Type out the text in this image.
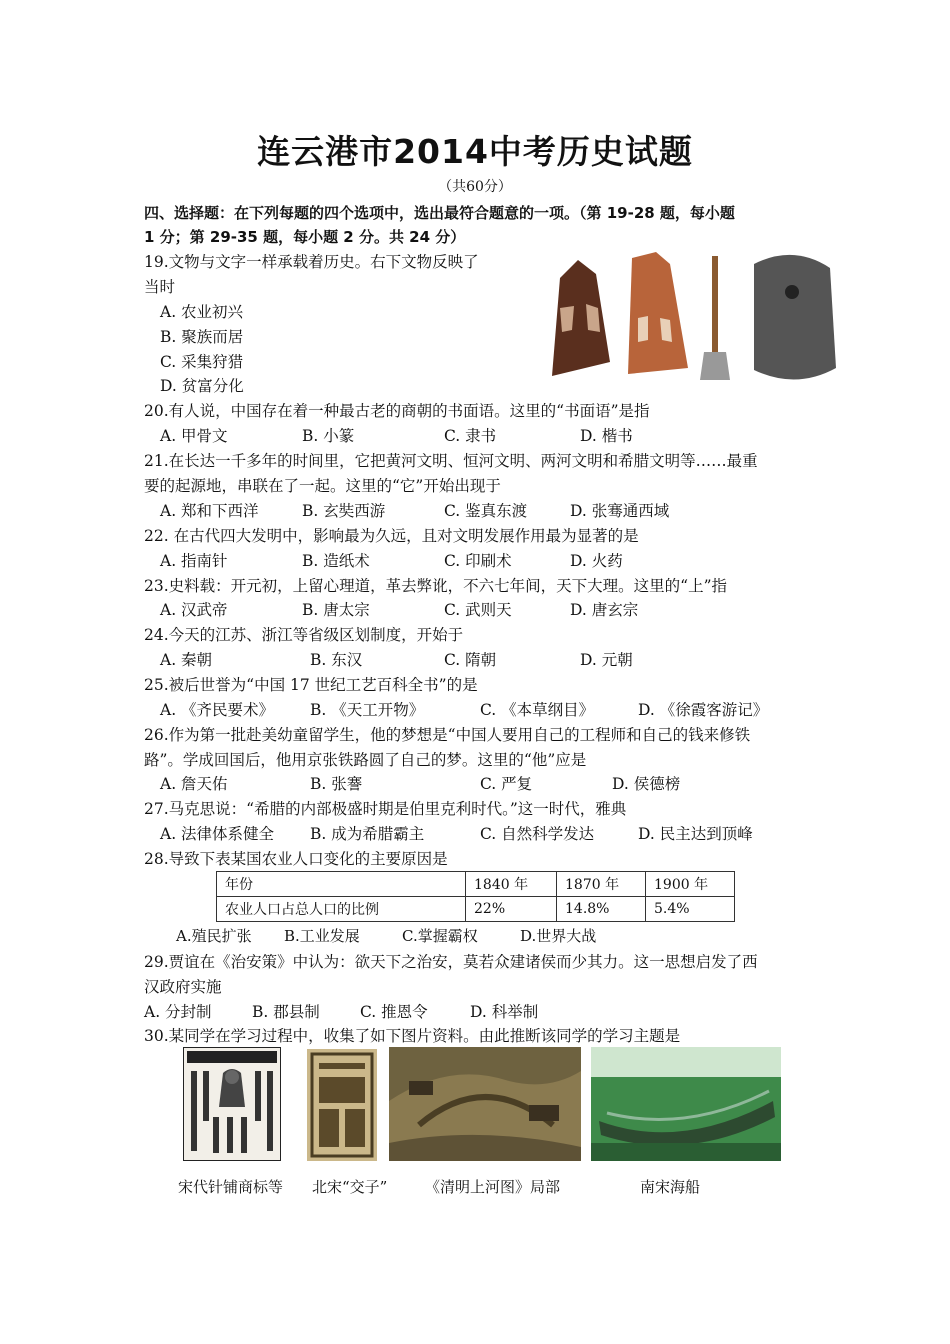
连云港市2014中考历史试题
（共60分）
四、选择题：在下列每题的四个选项中，选出最符合题意的一项。（第 19-28 题，每小题
1 分；第 29-35 题，每小题 2 分。共 24 分）
19.文物与文字一样承载着历史。右下文物反映了
当时
A. 农业初兴
B. 聚族而居
C. 采集狩猎
D. 贫富分化
20.有人说，中国存在着一种最古老的商朝的书面语。这里的“书面语”是指
A. 甲骨文	B. 小篆	C. 隶书	D. 楷书
21.在长达一千多年的时间里，它把黄河文明、恒河文明、两河文明和希腊文明等……最重
要的起源地，串联在了一起。这里的“它”开始出现于
A. 郑和下西洋	B. 玄奘西游	C. 鉴真东渡	D. 张骞通西域
22. 在古代四大发明中，影响最为久远，且对文明发展作用最为显著的是
A. 指南针	B. 造纸术	C. 印刷术	D. 火药
23.史料载：开元初，上留心理道，革去弊讹，不六七年间，天下大理。这里的“上”指
A. 汉武帝	B. 唐太宗	C. 武则天	D. 唐玄宗
24.今天的江苏、浙江等省级区划制度，开始于
A. 秦朝	B. 东汉	C. 隋朝	D. 元朝
25.被后世誉为“中国 17 世纪工艺百科全书”的是
A. 《齐民要术》 B. 《天工开物》	C. 《本草纲目》	D. 《徐霞客游记》
26.作为第一批赴美幼童留学生，他的梦想是“中国人要用自己的工程师和自己的钱来修铁
路”。学成回国后，他用京张铁路圆了自己的梦。这里的“他”应是
A. 詹天佑	B. 张謇	C. 严复	D. 侯德榜
27.马克思说：“希腊的内部极盛时期是伯里克利时代。”这一时代，雅典
A. 法律体系健全 B. 成为希腊霸主	C. 自然科学发达	D. 民主达到顶峰
28.导致下表某国农业人口变化的主要原因是
年份	1840 年	1870 年	1900 年
农业人口占总人口的比例	22%	14.8%	5.4%
A.殖民扩张 B.工业发展	C.掌握霸权	D.世界大战
29.贾谊在《治安策》中认为：欲天下之治安，莫若众建诸侯而少其力。这一思想启发了西
汉政府实施
A. 分封制	B. 郡县制	C. 推恩令	D. 科举制
30.某同学在学习过程中，收集了如下图片资料。由此推断该同学的学习主题是
宋代针铺商标等 北宋“交子”	《清明上河图》局部	南宋海船
